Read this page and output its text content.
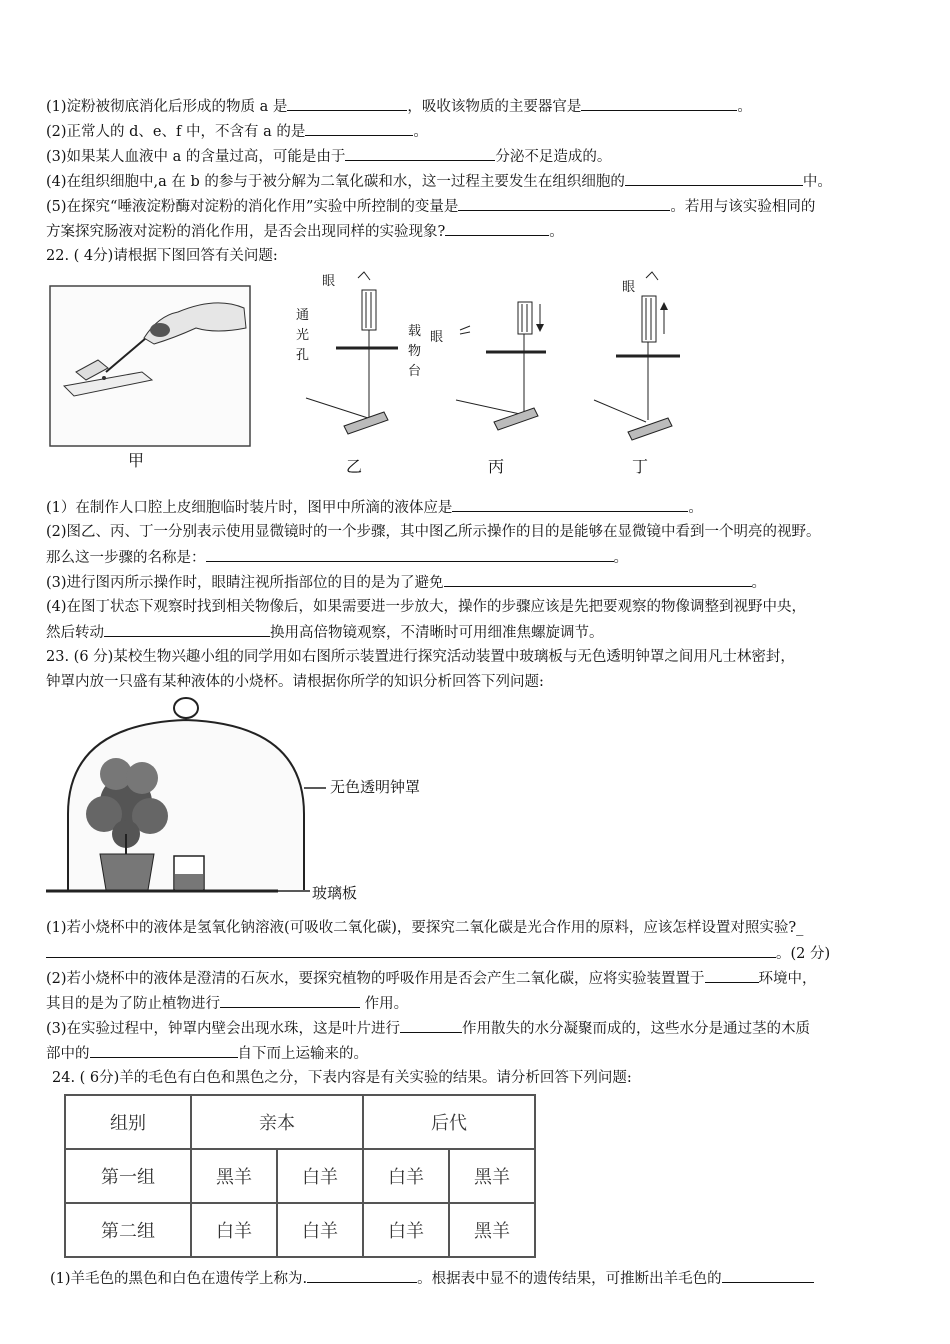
(1)淀粉被彻底消化后形成的物质 a 是	，吸收该物质的主要器官是	。
(2)正常人的 d、e、f 中，不含有 a 的是	。
(3)如果某人血液中 a 的含量过高，可能是由于	分泌不足造成的。
(4)在组织细胞中,a 在 b 的参与于被分解为二氧化碳和水，这一过程主要发生在组织细胞的	中。
(5)在探究“唾液淀粉酶对淀粉的消化作用”实验中所控制的变量是	。若用与该实验相同的
方案探究肠液对淀粉的消化作用，是否会出现同样的实验现象?	。
22. ( 4分)请根据下图回答有关问题:
眼
眼
眼
通
光
孔
载
物
台
甲	乙	丙	丁
(1）在制作人口腔上皮细胞临时装片时，图甲中所滴的液体应是	。
(2)图乙、丙、丁一分别表示使用显微镜时的一个步骤，其中图乙所示操作的目的是能够在显微镜中看到一个明亮的视野。
那么这一步骤的名称是：	。
(3)进行图丙所示操作时，眼睛注视所指部位的目的是为了避免	。
(4)在图丁状态下观察时找到相关物像后，如果需要进一步放大，操作的步骤应该是先把要观察的物像调整到视野中央，
然后转动	换用高倍物镜观察，不清晰时可用细准焦螺旋调节。
23. (6 分)某校生物兴趣小组的同学用如右图所示装置进行探究活动装置中玻璃板与无色透明钟罩之间用凡士林密封，
钟罩内放一只盛有某种液体的小烧杯。请根据你所学的知识分析回答下列问题:
无色透明钟罩
玻璃板
(1)若小烧杯中的液体是氢氧化钠溶液(可吸收二氧化碳)，要探究二氧化碳是光合作用的原料，应该怎样设置对照实验?_
。(2 分)
(2)若小烧杯中的液体是澄清的石灰水，要探究植物的呼吸作用是否会产生二氧化碳，应将实验装置置于	环境中，
其目的是为了防止植物进行	作用。
(3)在实验过程中，钟罩内壁会出现水珠，这是叶片进行	作用散失的水分凝聚而成的，这些水分是通过茎的木质
部中的	自下而上运输来的。
24. ( 6分)羊的毛色有白色和黑色之分，下表内容是有关实验的结果。请分析回答下列问题:
组别	亲本		后代	
第一组	黑羊	白羊	白羊	黑羊
第二组	白羊	白羊	白羊	黑羊
(1)羊毛色的黑色和白色在遗传学上称为.	。根据表中显不的遗传结果，可推断出羊毛色的
